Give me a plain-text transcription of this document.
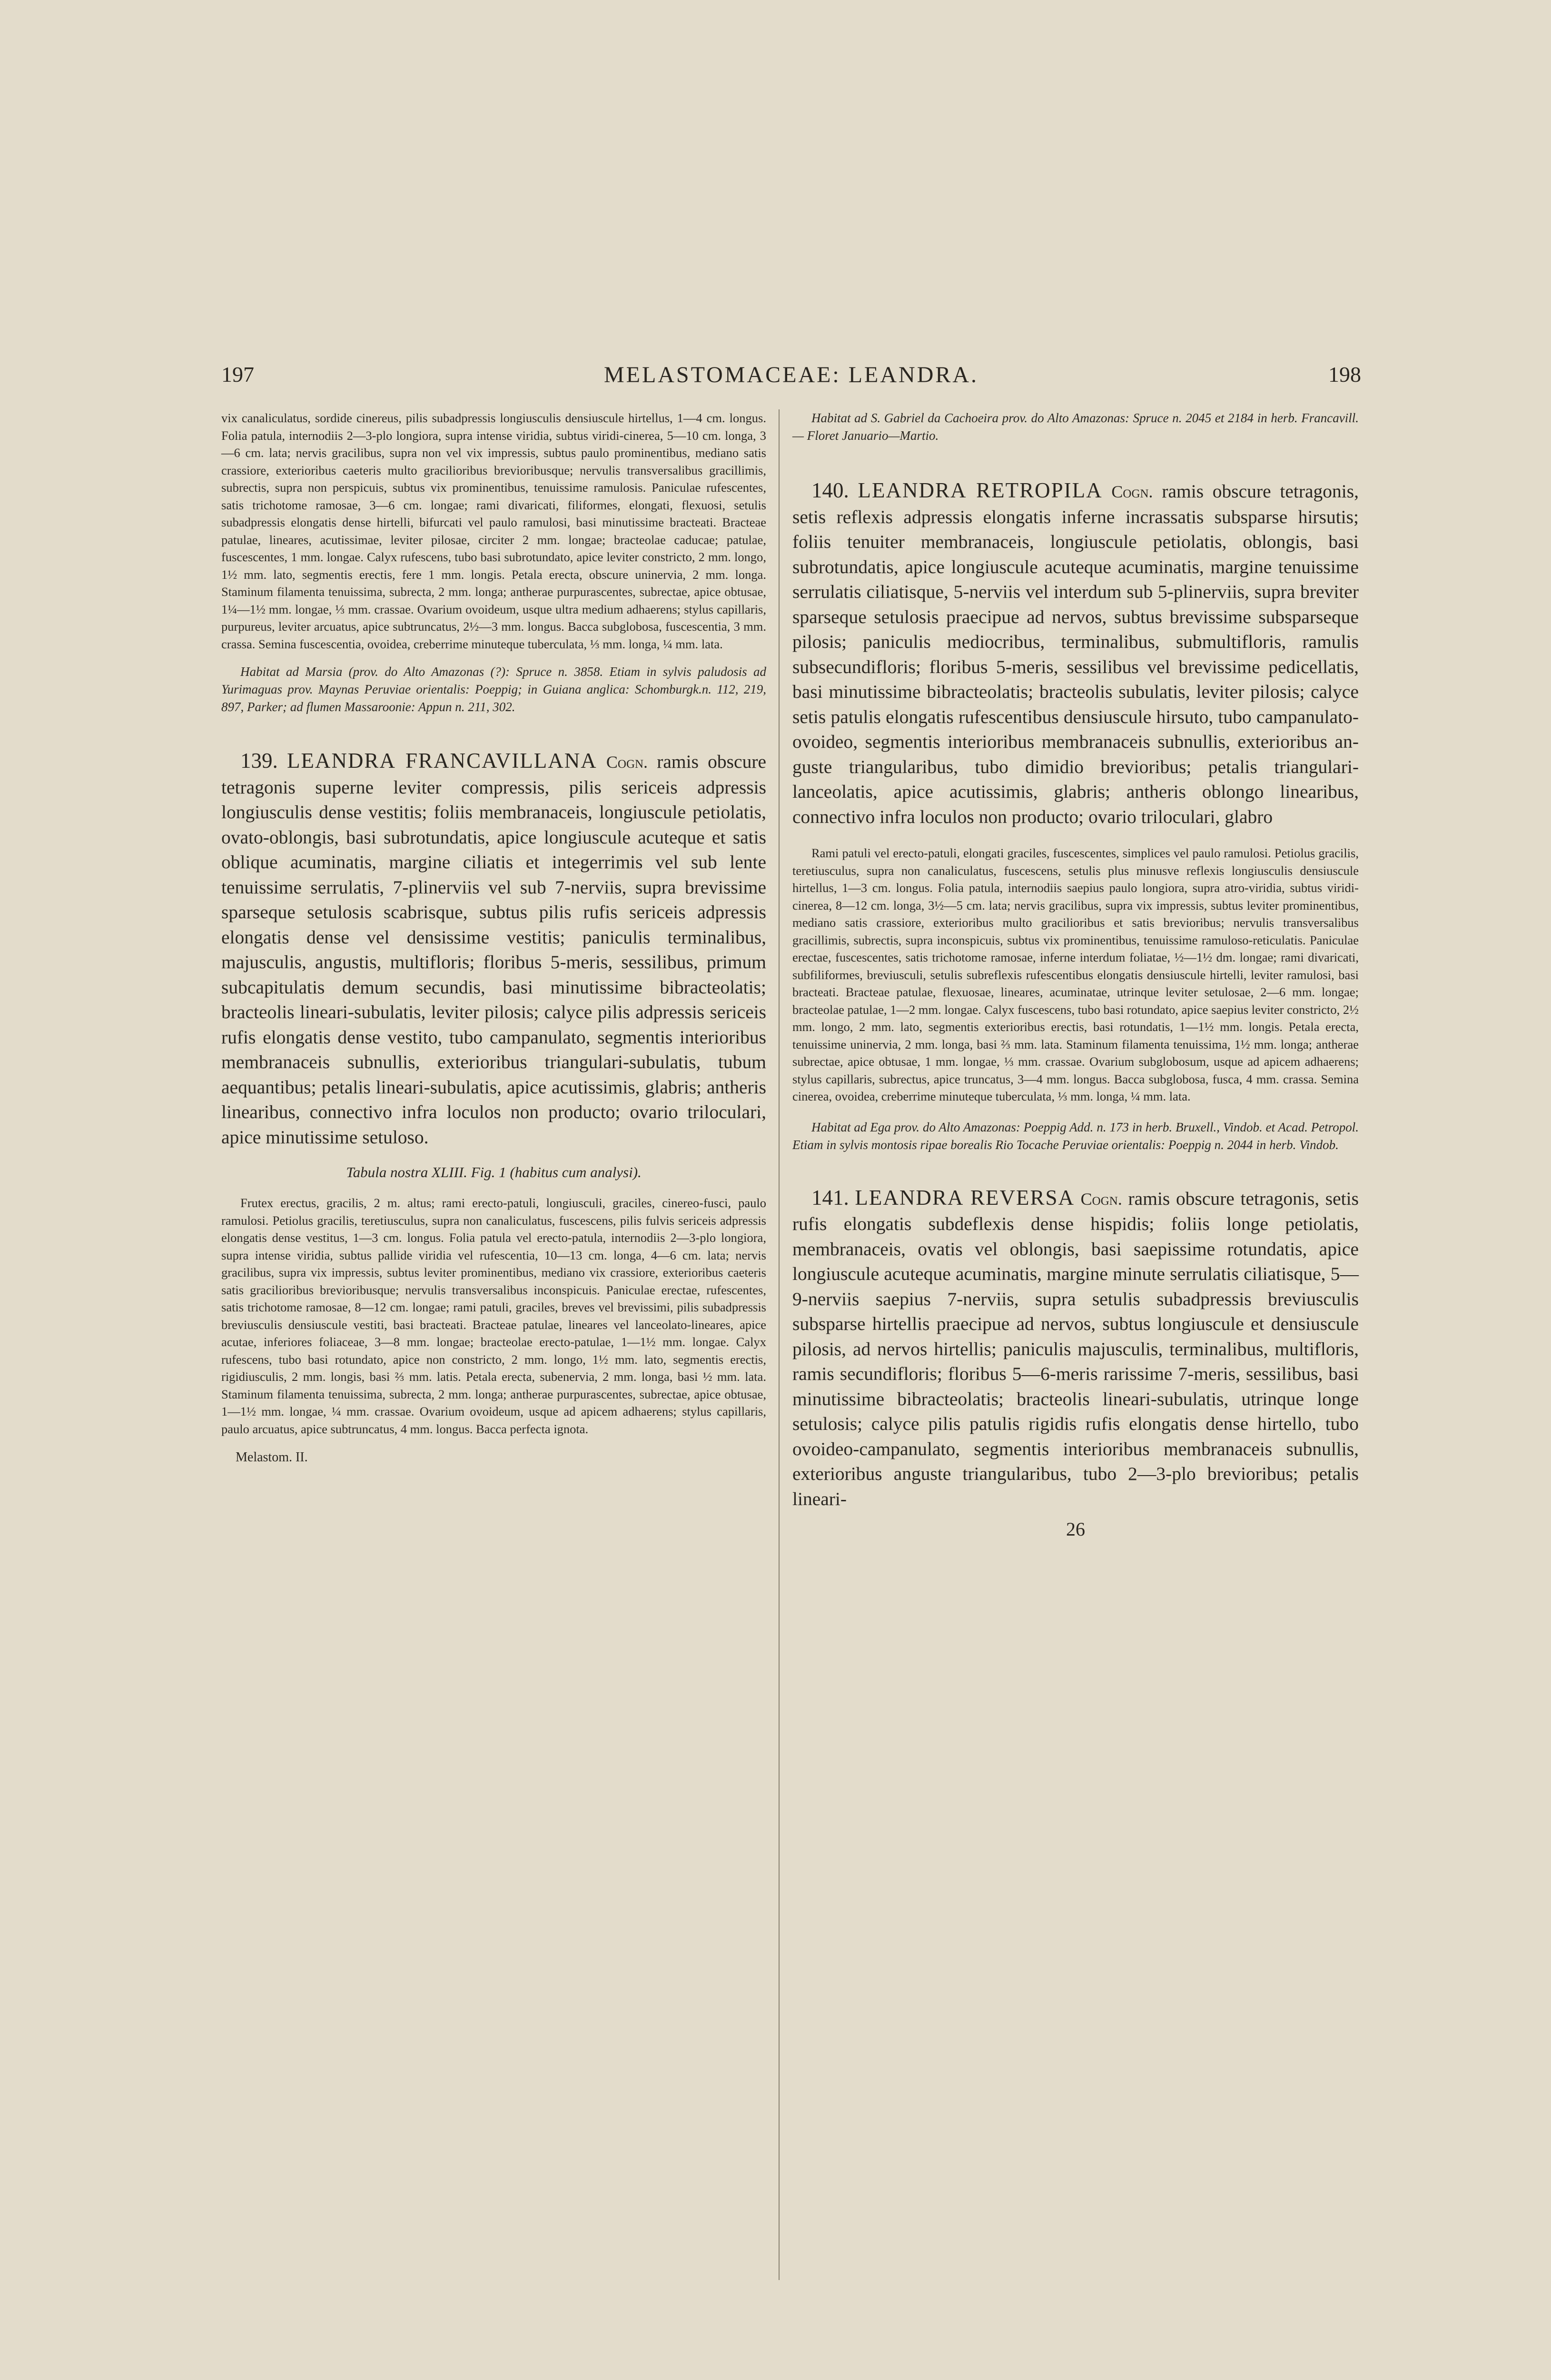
197	MELASTOMACEAE: LEANDRA.	198

vix canaliculatus, sordide cinereus, pilis subadpressis longiusculis densiuscule hirtellus, 1—4 cm. longus. Folia patula, internodiis 2—3-plo longiora, supra intense viridia, subtus viridi-cinerea, 5—10 cm. longa, 3—6 cm. lata; nervis gracilibus, supra non vel vix impressis, subtus paulo prominentibus, mediano satis crassiore, exterioribus caeteris multo gracilioribus brevioribusque; nervulis transversalibus gracillimis, subrectis, supra non perspicuis, subtus vix prominentibus, tenuissime ramulosis. Paniculae rufescentes, satis trichotome ramosae, 3—6 cm. longae; rami divaricati, filiformes, elongati, flexuosi, setulis subadpressis elongatis dense hirtelli, bifurcati vel paulo ramulosi, basi minutissime bracteati. Bracteae patulae, lineares, acutissimae, leviter pilosae, circiter 2 mm. longae; bracteolae caducae; patulae, fuscescentes, 1 mm. longae. Calyx rufescens, tubo basi subrotundato, apice leviter constricto, 2 mm. longo, 1½ mm. lato, segmentis erectis, fere 1 mm. longis. Petala erecta, obscure uninervia, 2 mm. longa. Staminum filamenta tenuissima, subrecta, 2 mm. longa; antherae purpurascentes, subrectae, apice obtusae, 1¼—1½ mm. longae, ⅓ mm. crassae. Ovarium ovoideum, usque ultra medium adhaerens; stylus capillaris, purpureus, leviter arcuatus, apice subtruncatus, 2½—3 mm. longus. Bacca subglobosa, fuscescentia, 3 mm. crassa. Semina fuscescentia, ovoidea, creberrime minuteque tuberculata, ⅓ mm. longa, ¼ mm. lata.

Habitat ad Marsia (prov. do Alto Amazonas (?): Spruce n. 3858. Etiam in sylvis paludosis ad Yurimaguas prov. Maynas Peruviae orientalis: Poeppig; in Guiana anglica: Schomburgk.n. 112, 219, 897, Parker; ad flumen Massaroonie: Appun n. 211, 302.

139. LEANDRA FRANCAVILLANA Cogn. ramis obscure tetragonis superne leviter compressis, pilis sericeis adpressis longiusculis dense vestitis; foliis membranaceis, longiuscule petiolatis, ovato-oblongis, basi subrotundatis, apice longiuscule acuteque et satis oblique acuminatis, margine ciliatis et integerrimis vel sub lente tenuissime serrulatis, 7-plinerviis vel sub 7-nerviis, supra brevissime sparseque setulosis scabrisque, subtus pilis rufis sericeis adpressis elongatis dense vel densissime vestitis; paniculis terminalibus, majusculis, angustis, multifloris; floribus 5-meris, sessilibus, primum subcapitulatis demum secundis, basi minutissime bibracteolatis; bracteolis lineari-subulatis, leviter pilosis; calyce pilis adpressis sericeis rufis elongatis dense vestito, tubo campanulato, segmentis interioribus membranaceis subnullis, exterioribus triangulari-subulatis, tubum aequantibus; petalis lineari-subulatis, apice acutissimis, glabris; antheris linearibus, connectivo infra loculos non producto; ovario triloculari, apice minutissime setuloso.

Tabula nostra XLIII. Fig. 1 (habitus cum analysi).

Frutex erectus, gracilis, 2 m. altus; rami erecto-patuli, longiusculi, graciles, cinereo-fusci, paulo ramulosi. Petiolus gracilis, teretiusculus, supra non canaliculatus, fuscescens, pilis fulvis sericeis adpressis elongatis dense vestitus, 1—3 cm. longus. Folia patula vel erecto-patula, internodiis 2—3-plo longiora, supra intense viridia, subtus pallide viridia vel rufescentia, 10—13 cm. longa, 4—6 cm. lata; nervis gracilibus, supra vix impressis, subtus leviter prominentibus, mediano vix crassiore, exterioribus caeteris satis gracilioribus brevioribusque; nervulis transversalibus inconspicuis. Paniculae erectae, rufescentes, satis trichotome ramosae, 8—12 cm. longae; rami patuli, graciles, breves vel brevissimi, pilis subadpressis breviusculis densiuscule vestiti, basi bracteati. Bracteae patulae, lineares vel lanceolato-lineares, apice acutae, inferiores foliaceae, 3—8 mm. longae; bracteolae erecto-patulae, 1—1½ mm. longae. Calyx rufescens, tubo basi rotundato, apice non constricto, 2 mm. longo, 1½ mm. lato, segmentis erectis, rigidiusculis, 2 mm. longis, basi ⅔ mm. latis. Petala erecta, subenervia, 2 mm. longa, basi ½ mm. lata. Staminum filamenta tenuissima, subrecta, 2 mm. longa; antherae purpurascentes, subrectae, apice obtusae, 1—1½ mm. longae, ¼ mm. crassae. Ovarium ovoideum, usque ad apicem adhaerens; stylus capillaris, paulo arcuatus, apice subtruncatus, 4 mm. longus. Bacca perfecta ignota.

Melastom. II.

Habitat ad S. Gabriel da Cachoeira prov. do Alto Amazonas: Spruce n. 2045 et 2184 in herb. Francavill. — Floret Januario—Martio.

140. LEANDRA RETROPILA Cogn. ramis obscure tetragonis, setis reflexis adpressis elongatis inferne incrassatis subsparse hirsutis; foliis tenuiter membranaceis, longiuscule petiolatis, oblongis, basi subrotundatis, apice longiuscule acuteque acuminatis, margine tenuissime serrulatis ciliatisque, 5-nerviis vel interdum sub 5-plinerviis, supra breviter sparseque setulosis praecipue ad nervos, subtus brevissime subsparseque pilosis; paniculis mediocribus, terminalibus, submultifloris, ramulis subsecundifloris; floribus 5-meris, sessilibus vel brevissime pedicellatis, basi minutissime bibracteolatis; bracteolis subulatis, leviter pilosis; calyce setis patulis elongatis rufescentibus densiuscule hirsuto, tubo campanulato-ovoideo, segmentis interioribus membranaceis subnullis, exterioribus anguste triangularibus, tubo dimidio brevioribus; petalis triangulari-lanceolatis, apice acutissimis, glabris; antheris oblongo linearibus, connectivo infra loculos non producto; ovario triloculari, glabro

Rami patuli vel erecto-patuli, elongati graciles, fuscescentes, simplices vel paulo ramulosi. Petiolus gracilis, teretiusculus, supra non canaliculatus, fuscescens, setulis plus minusve reflexis longiusculis densiuscule hirtellus, 1—3 cm. longus. Folia patula, internodiis saepius paulo longiora, supra atro-viridia, subtus viridi-cinerea, 8—12 cm. longa, 3½—5 cm. lata; nervis gracilibus, supra vix impressis, subtus leviter prominentibus, mediano satis crassiore, exterioribus multo gracilioribus et satis brevioribus; nervulis transversalibus gracillimis, subrectis, supra inconspicuis, subtus vix prominentibus, tenuissime ramuloso-reticulatis. Paniculae erectae, fuscescentes, satis trichotome ramosae, inferne interdum foliatae, ½—1½ dm. longae; rami divaricati, subfiliformes, breviusculi, setulis subreflexis rufescentibus elongatis densiuscule hirtelli, leviter ramulosi, basi bracteati. Bracteae patulae, flexuosae, lineares, acuminatae, utrinque leviter setulosae, 2—6 mm. longae; bracteolae patulae, 1—2 mm. longae. Calyx fuscescens, tubo basi rotundato, apice saepius leviter constricto, 2½ mm. longo, 2 mm. lato, segmentis exterioribus erectis, basi rotundatis, 1—1½ mm. longis. Petala erecta, tenuissime uninervia, 2 mm. longa, basi ⅔ mm. lata. Staminum filamenta tenuissima, 1½ mm. longa; antherae subrectae, apice obtusae, 1 mm. longae, ⅓ mm. crassae. Ovarium subglobosum, usque ad apicem adhaerens; stylus capillaris, subrectus, apice truncatus, 3—4 mm. longus. Bacca subglobosa, fusca, 4 mm. crassa. Semina cinerea, ovoidea, creberrime minuteque tuberculata, ⅓ mm. longa, ¼ mm. lata.

Habitat ad Ega prov. do Alto Amazonas: Poeppig Add. n. 173 in herb. Bruxell., Vindob. et Acad. Petropol. Etiam in sylvis montosis ripae borealis Rio Tocache Peruviae orientalis: Poeppig n. 2044 in herb. Vindob.

141. LEANDRA REVERSA Cogn. ramis obscure tetragonis, setis rufis elongatis subdeflexis dense hispidis; foliis longe petiolatis, membranaceis, ovatis vel oblongis, basi saepissime rotundatis, apice longiuscule acuteque acuminatis, margine minute serrulatis ciliatisque, 5—9-nerviis saepius 7-nerviis, supra setulis subadpressis breviusculis subsparse hirtellis praecipue ad nervos, subtus longiuscule et densiuscule pilosis, ad nervos hirtellis; paniculis majusculis, terminalibus, multifloris, ramis secundifloris; floribus 5—6-meris rarissime 7-meris, sessilibus, basi minutissime bibracteolatis; bracteolis lineari-subulatis, utrinque longe setulosis; calyce pilis patulis rigidis rufis elongatis dense hirtello, tubo ovoideo-campanulato, segmentis interioribus membranaceis subnullis, exterioribus anguste triangularibus, tubo 2—3-plo brevioribus; petalis lineari-

26
